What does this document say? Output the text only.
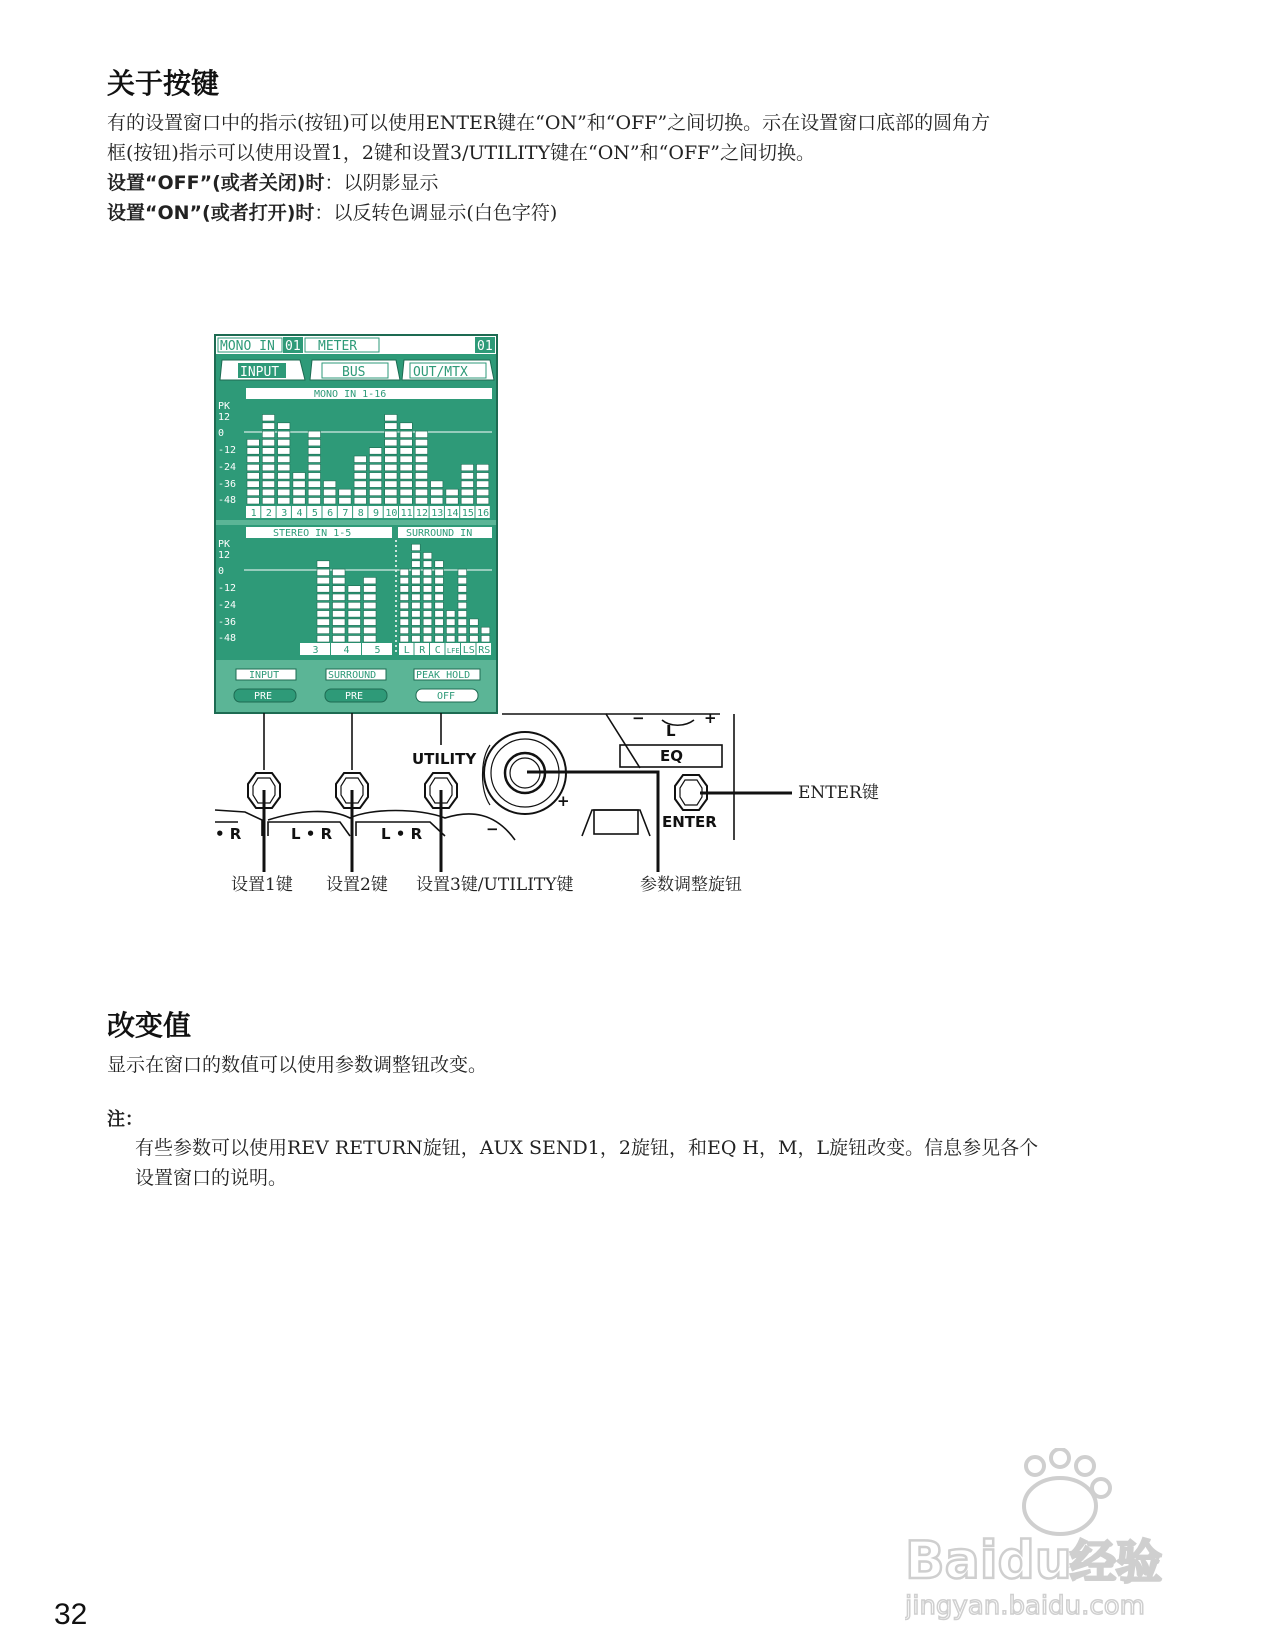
关于按键
有的设置窗口中的指示(按钮)可以使用ENTER键在“ON”和“OFF”之间切换。示在设置窗口底部的圆角方
框(按钮)指示可以使用设置1，2键和设置3/UTILITY键在“ON”和“OFF”之间切换。
设置“OFF”(或者关闭)时：以阴影显示
设置“ON”(或者打开)时：以反转色调显示(白色字符)
MONO IN 01 METER	01
INPUT	BUS	OUT/MTX
MONO IN 1-16
PK
12
0
-12
-24
-36
-48
1 2 3 4 5 6 7 8 9 10 11 12 13 14 15 16
STEREO IN 1-5	SURROUND IN
PK
12
0
-12
-24
-36
-48
3 4 5 L R C LFE LS RS
INPUT
PRE
SURROUND
PRE
PEAK HOLD
OFF
UTILITY
ENTER
EQ
L
−	+
−
+
• R	L • R	L • R
设置1键 设置2键 设置3键/UTILITY键	参数调整旋钮
ENTER键
改变值
显示在窗口的数值可以使用参数调整钮改变。
注：
有些参数可以使用REV RETURN旋钮，AUX SEND1，2旋钮，和EQ H，M，L旋钮改变。信息参见各个
设置窗口的说明。
32
Baidu
经验
jingyan.baidu.com
